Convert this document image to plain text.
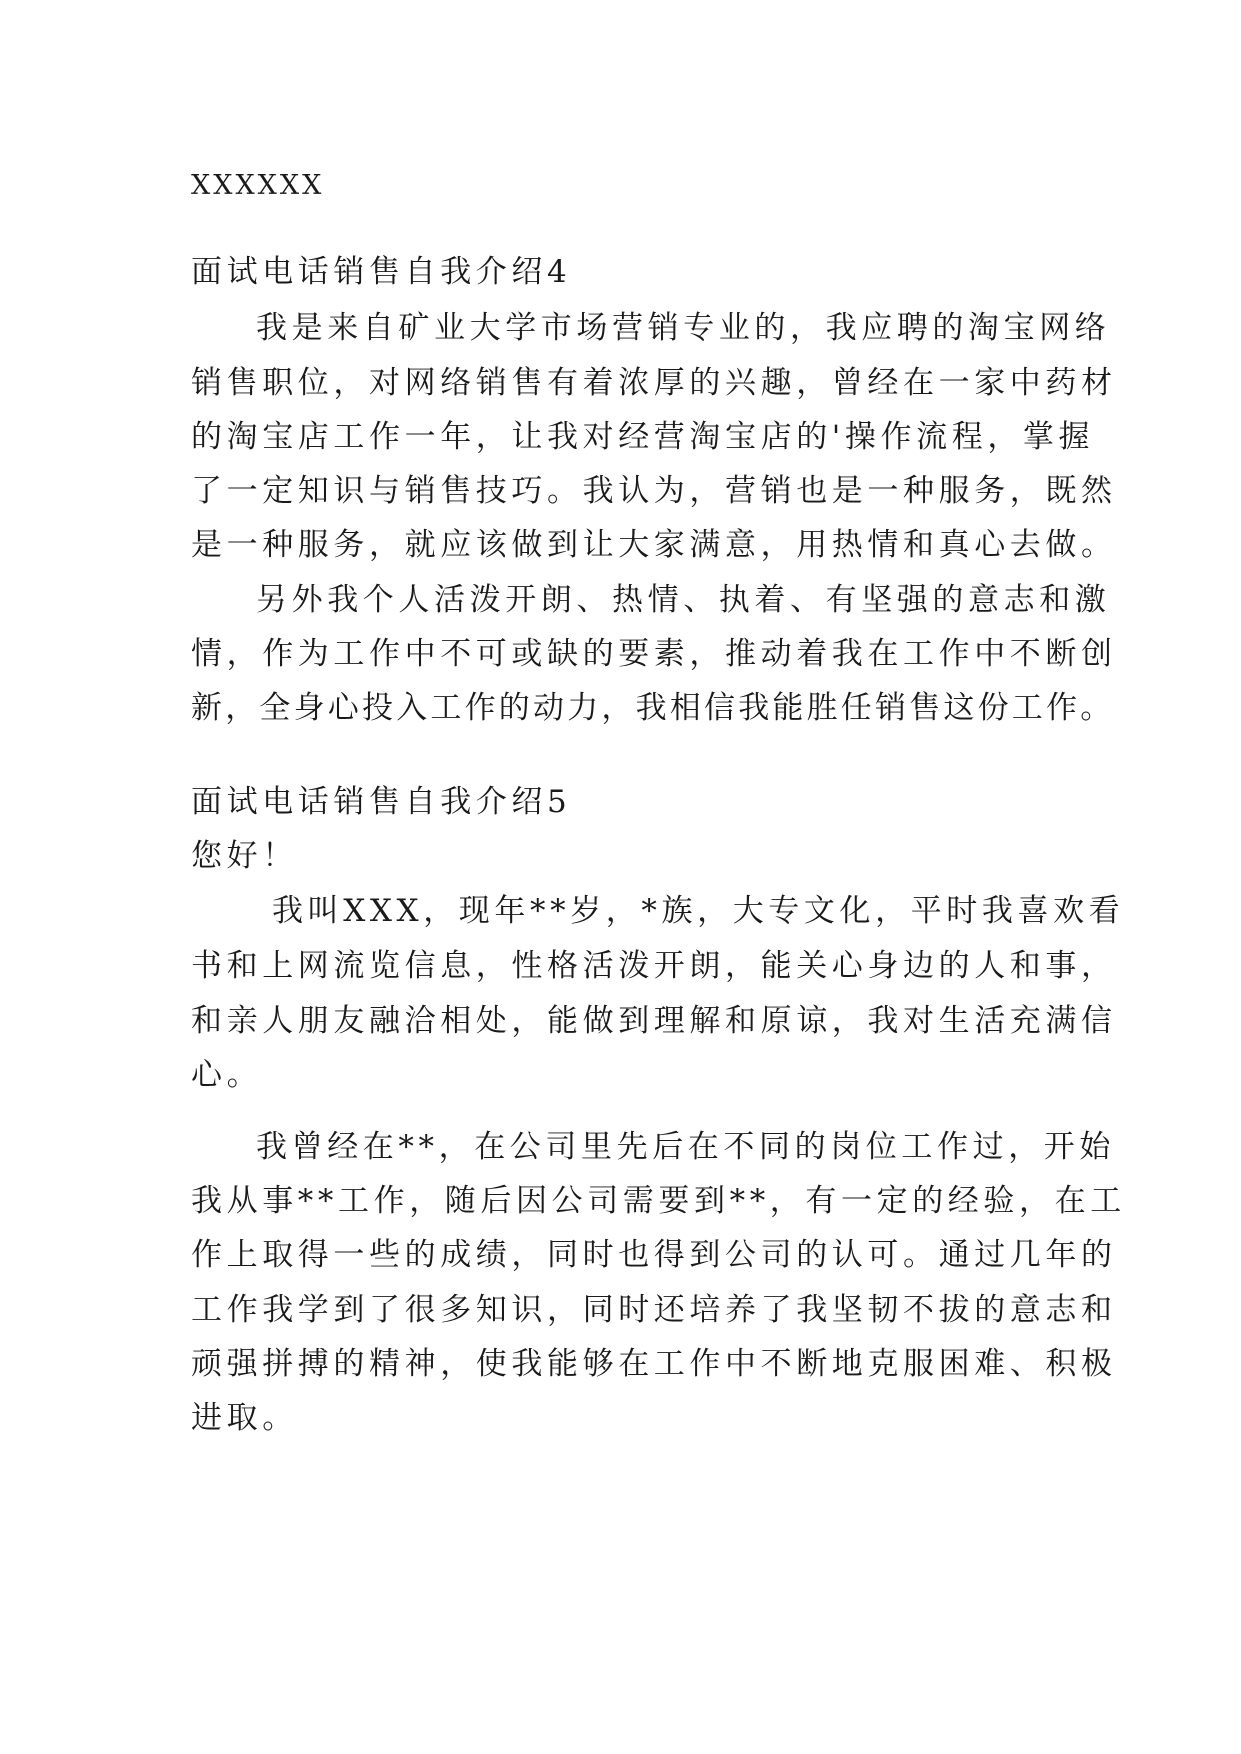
XXXXXX
面试电话销售自我介绍4
我是来自矿业大学市场营销专业的，我应聘的淘宝网络
销售职位，对网络销售有着浓厚的兴趣，曾经在一家中药材
的淘宝店工作一年，让我对经营淘宝店的'操作流程，掌握
了一定知识与销售技巧。我认为，营销也是一种服务，既然
是一种服务，就应该做到让大家满意，用热情和真心去做。
另外我个人活泼开朗、热情、执着、有坚强的意志和激
情，作为工作中不可或缺的要素，推动着我在工作中不断创
新，全身心投入工作的动力，我相信我能胜任销售这份工作。
面试电话销售自我介绍5
您好！
我叫XXX，现年**岁，*族，大专文化，平时我喜欢看
书和上网流览信息，性格活泼开朗，能关心身边的人和事，
和亲人朋友融洽相处，能做到理解和原谅，我对生活充满信
心。
我曾经在**，在公司里先后在不同的岗位工作过，开始
我从事**工作，随后因公司需要到**，有一定的经验，在工
作上取得一些的成绩，同时也得到公司的认可。通过几年的
工作我学到了很多知识，同时还培养了我坚韧不拔的意志和
顽强拼搏的精神，使我能够在工作中不断地克服困难、积极
进取。
